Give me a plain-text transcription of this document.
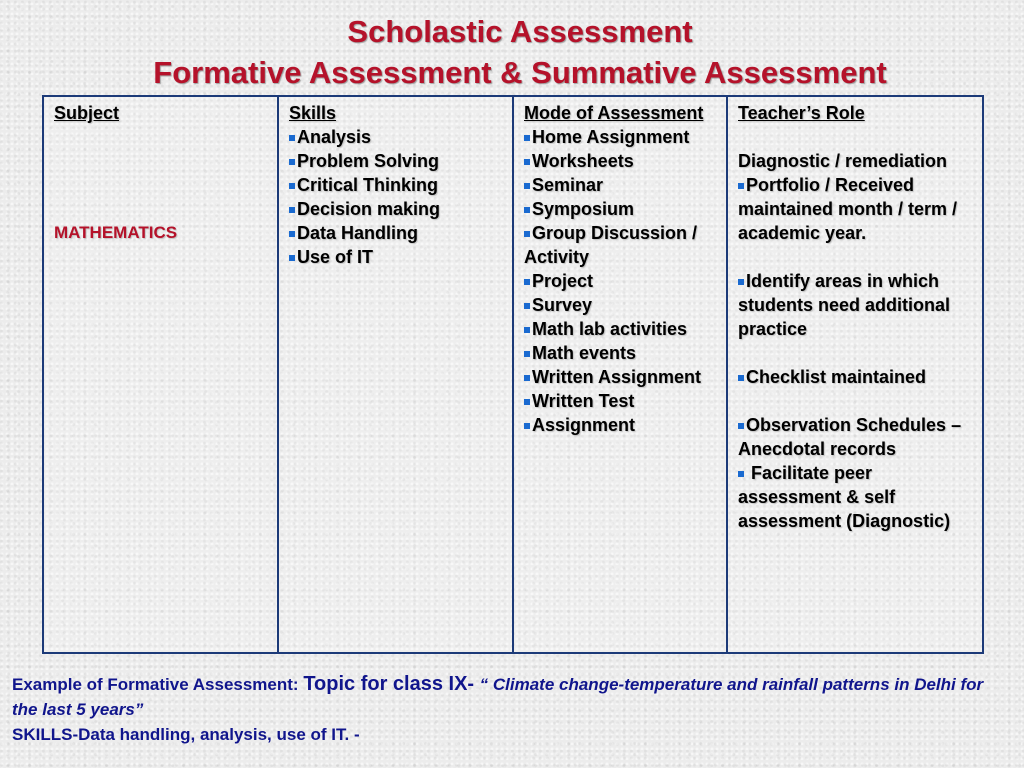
Scholastic Assessment
Formative Assessment & Summative Assessment
Subject
MATHEMATICS

Skills
Analysis
Problem Solving
Critical Thinking
Decision making
Data Handling
Use of IT

Mode of Assessment
Home Assignment
Worksheets
Seminar
Symposium
Group Discussion / Activity
Project
Survey
Math lab activities
Math events
Written Assignment
Written Test
Assignment

Teacher’s Role
Diagnostic / remediation
Portfolio / Received maintained month / term / academic year.
Identify areas in which students need additional practice
Checklist maintained
Observation Schedules – Anecdotal records
Facilitate peer assessment & self assessment (Diagnostic)
Example of Formative Assessment: Topic for class IX- “ Climate change-temperature and rainfall patterns in Delhi for the last 5 years”
SKILLS-Data handling, analysis, use of IT. -
